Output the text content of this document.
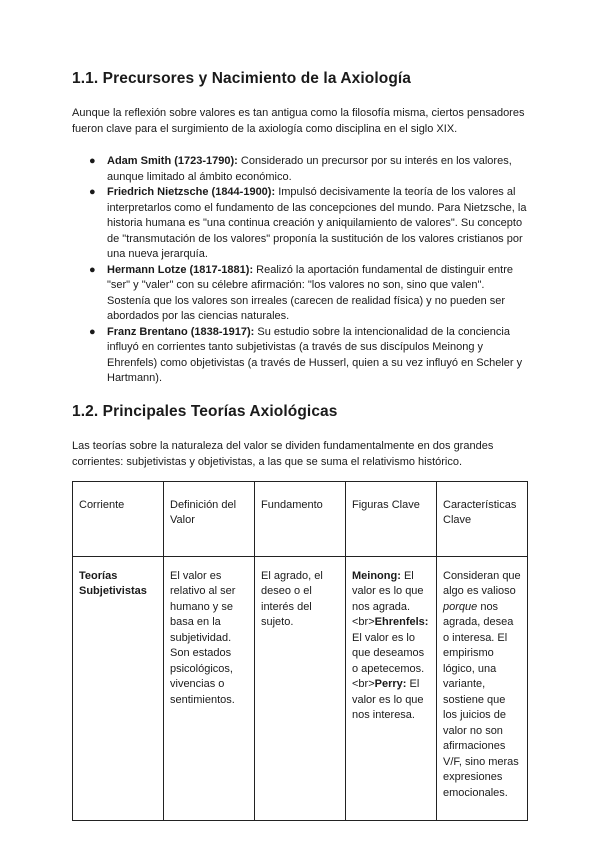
1.1. Precursores y Nacimiento de la Axiología

Aunque la reflexión sobre valores es tan antigua como la filosofía misma, ciertos pensadores fueron clave para el surgimiento de la axiología como disciplina en el siglo XIX.

● Adam Smith (1723-1790): Considerado un precursor por su interés en los valores, aunque limitado al ámbito económico.
● Friedrich Nietzsche (1844-1900): Impulsó decisivamente la teoría de los valores al interpretarlos como el fundamento de las concepciones del mundo. Para Nietzsche, la historia humana es "una continua creación y aniquilamiento de valores". Su concepto de "transmutación de los valores" proponía la sustitución de los valores cristianos por una nueva jerarquía.
● Hermann Lotze (1817-1881): Realizó la aportación fundamental de distinguir entre "ser" y "valer" con su célebre afirmación: "los valores no son, sino que valen". Sostenía que los valores son irreales (carecen de realidad física) y no pueden ser abordados por las ciencias naturales.
● Franz Brentano (1838-1917): Su estudio sobre la intencionalidad de la conciencia influyó en corrientes tanto subjetivistas (a través de sus discípulos Meinong y Ehrenfels) como objetivistas (a través de Husserl, quien a su vez influyó en Scheler y Hartmann).
1.2. Principales Teorías Axiológicas

Las teorías sobre la naturaleza del valor se dividen fundamentalmente en dos grandes corrientes: subjetivistas y objetivistas, a las que se suma el relativismo histórico.

Corriente	Definición del Valor	Fundamento	Figuras Clave	Características Clave
Teorías Subjetivistas	El valor es relativo al ser humano y se basa en la subjetividad. Son estados psicológicos, vivencias o sentimientos.	El agrado, el deseo o el interés del sujeto.	Meinong: El valor es lo que nos agrada.<br>Ehrenfels: El valor es lo que deseamos o apetecemos.<br>Perry: El valor es lo que nos interesa.	Consideran que algo es valioso porque nos agrada, desea o interesa. El empirismo lógico, una variante, sostiene que los juicios de valor no son afirmaciones V/F, sino meras expresiones emocionales.
